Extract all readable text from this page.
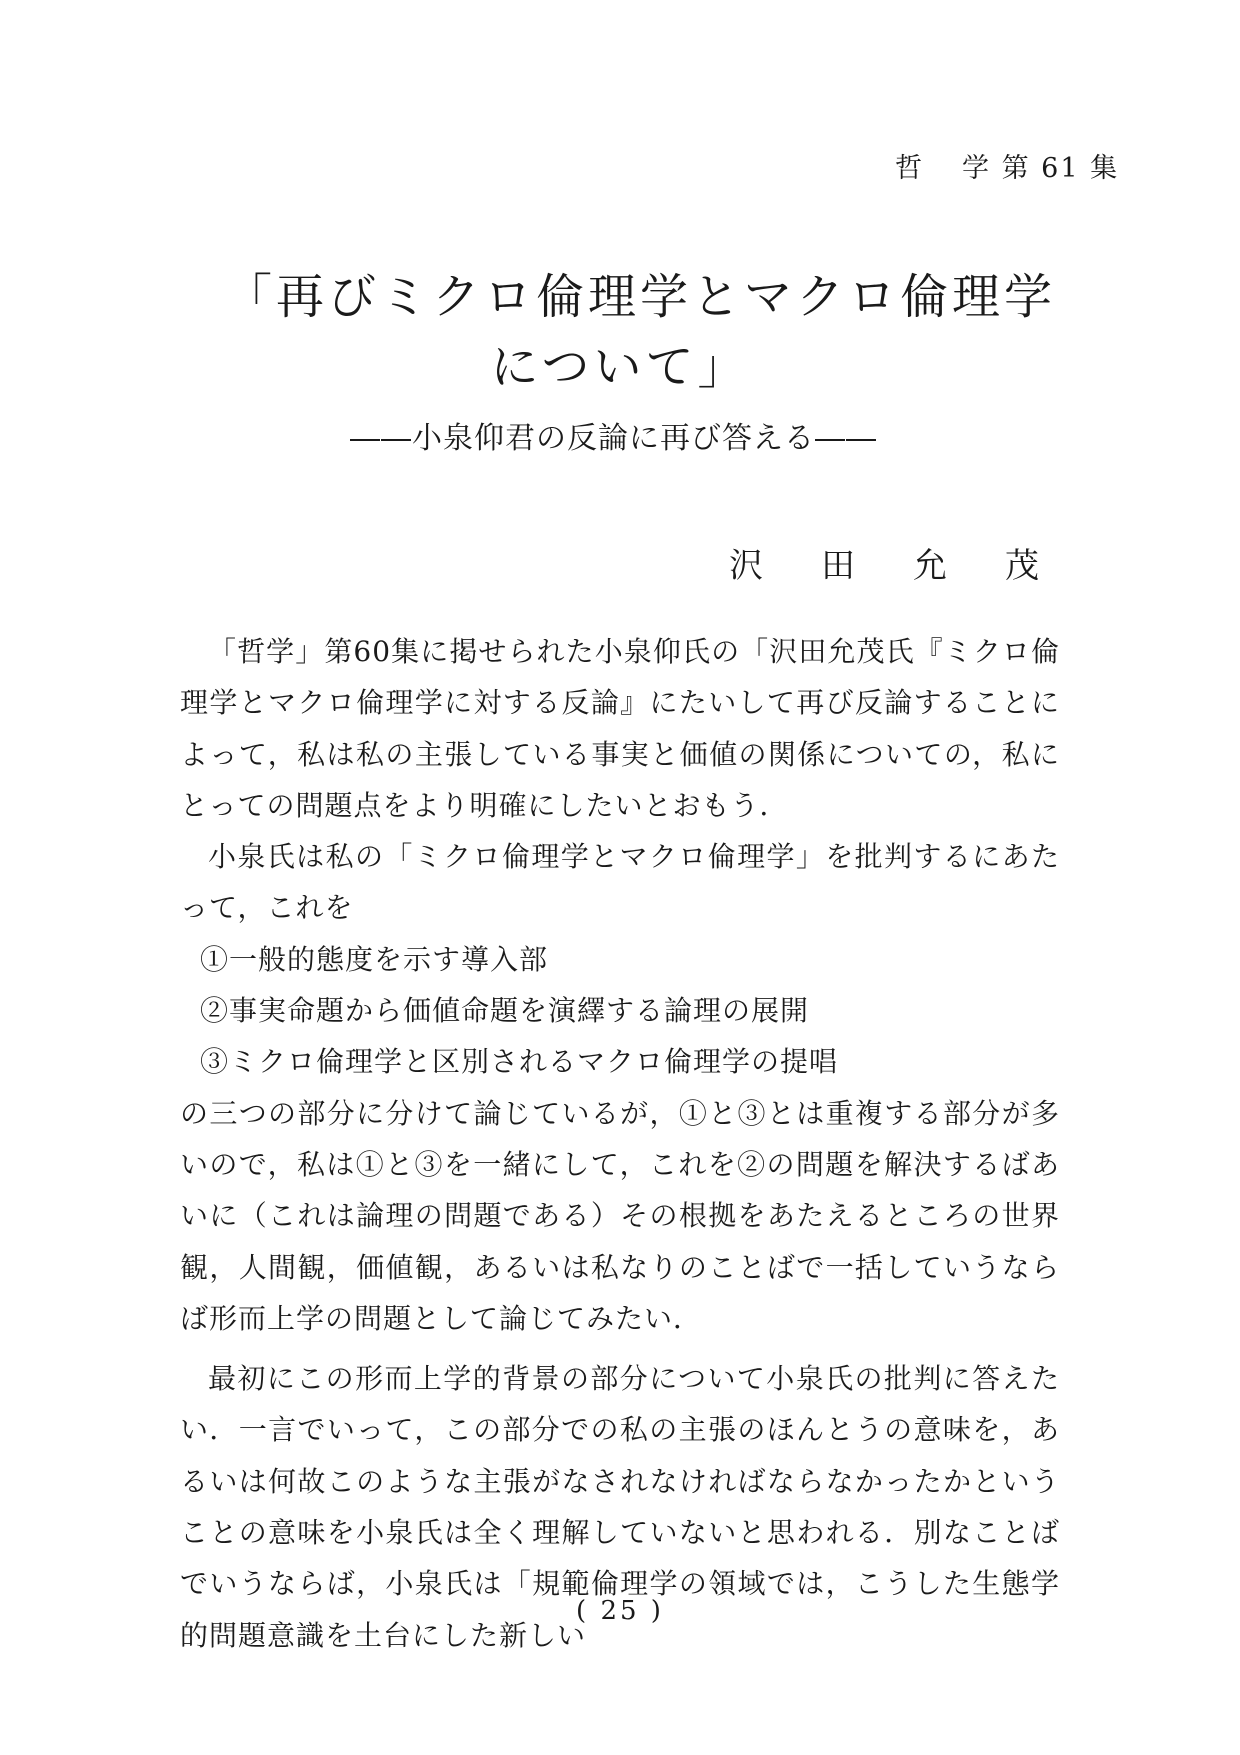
哲 学 第 61 集
「再びミクロ倫理学とマクロ倫理学
について」
――小泉仰君の反論に再び答える――
沢 田 允 茂

「哲学」第60集に掲せられた小泉仰氏の「沢田允茂氏『ミクロ倫理学とマクロ倫理学に対する反論』にたいして再び反論することによって，私は私の主張している事実と価値の関係についての，私にとっての問題点をより明確にしたいとおもう．

小泉氏は私の「ミクロ倫理学とマクロ倫理学」を批判するにあたって，これを

①一般的態度を示す導入部

②事実命題から価値命題を演繹する論理の展開

③ミクロ倫理学と区別されるマクロ倫理学の提唱

の三つの部分に分けて論じているが，①と③とは重複する部分が多いので，私は①と③を一緒にして，これを②の問題を解決するばあいに（これは論理の問題である）その根拠をあたえるところの世界観，人間観，価値観，あるいは私なりのことばで一括していうならば形而上学の問題として論じてみたい．

最初にこの形而上学的背景の部分について小泉氏の批判に答えたい．一言でいって，この部分での私の主張のほんとうの意味を，あるいは何故このような主張がなされなければならなかったかということの意味を小泉氏は全く理解していないと思われる．別なことばでいうならば，小泉氏は「規範倫理学の領域では，こうした生態学的問題意識を土台にした新しい

( 25 )
